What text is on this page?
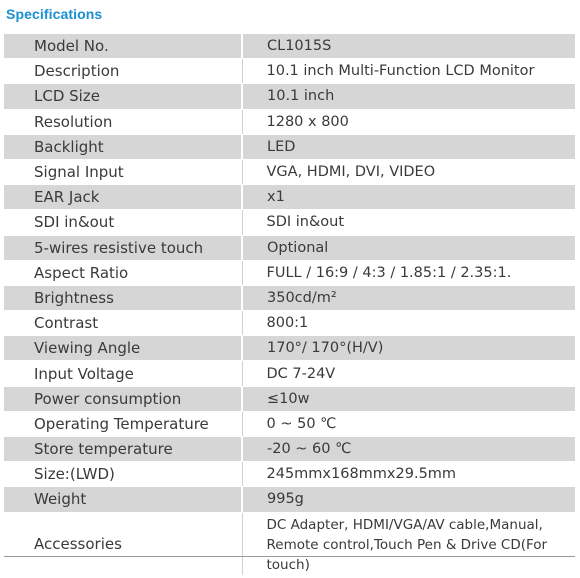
Specifications
Model No.	CL1015S
Description	10.1 inch Multi-Function LCD Monitor
LCD Size	10.1 inch
Resolution	1280 x 800
Backlight	LED
Signal Input	VGA, HDMI, DVI, VIDEO
EAR Jack	x1
SDI in&out	SDI in&out
5-wires resistive touch	Optional
Aspect Ratio	FULL / 16:9 / 4:3 / 1.85:1 / 2.35:1.
Brightness	350cd/m²
Contrast	800:1
Viewing Angle	170°/ 170°(H/V)
Input Voltage	DC 7-24V
Power consumption	≤10w
Operating Temperature	0 ~ 50 ℃
Store temperature	-20 ~ 60 ℃
Size:(LWD)	245mmx168mmx29.5mm
Weight	995g
Accessories	DC Adapter, HDMI/VGA/AV cable,Manual,
Remote control,Touch Pen & Drive CD(For touch)
